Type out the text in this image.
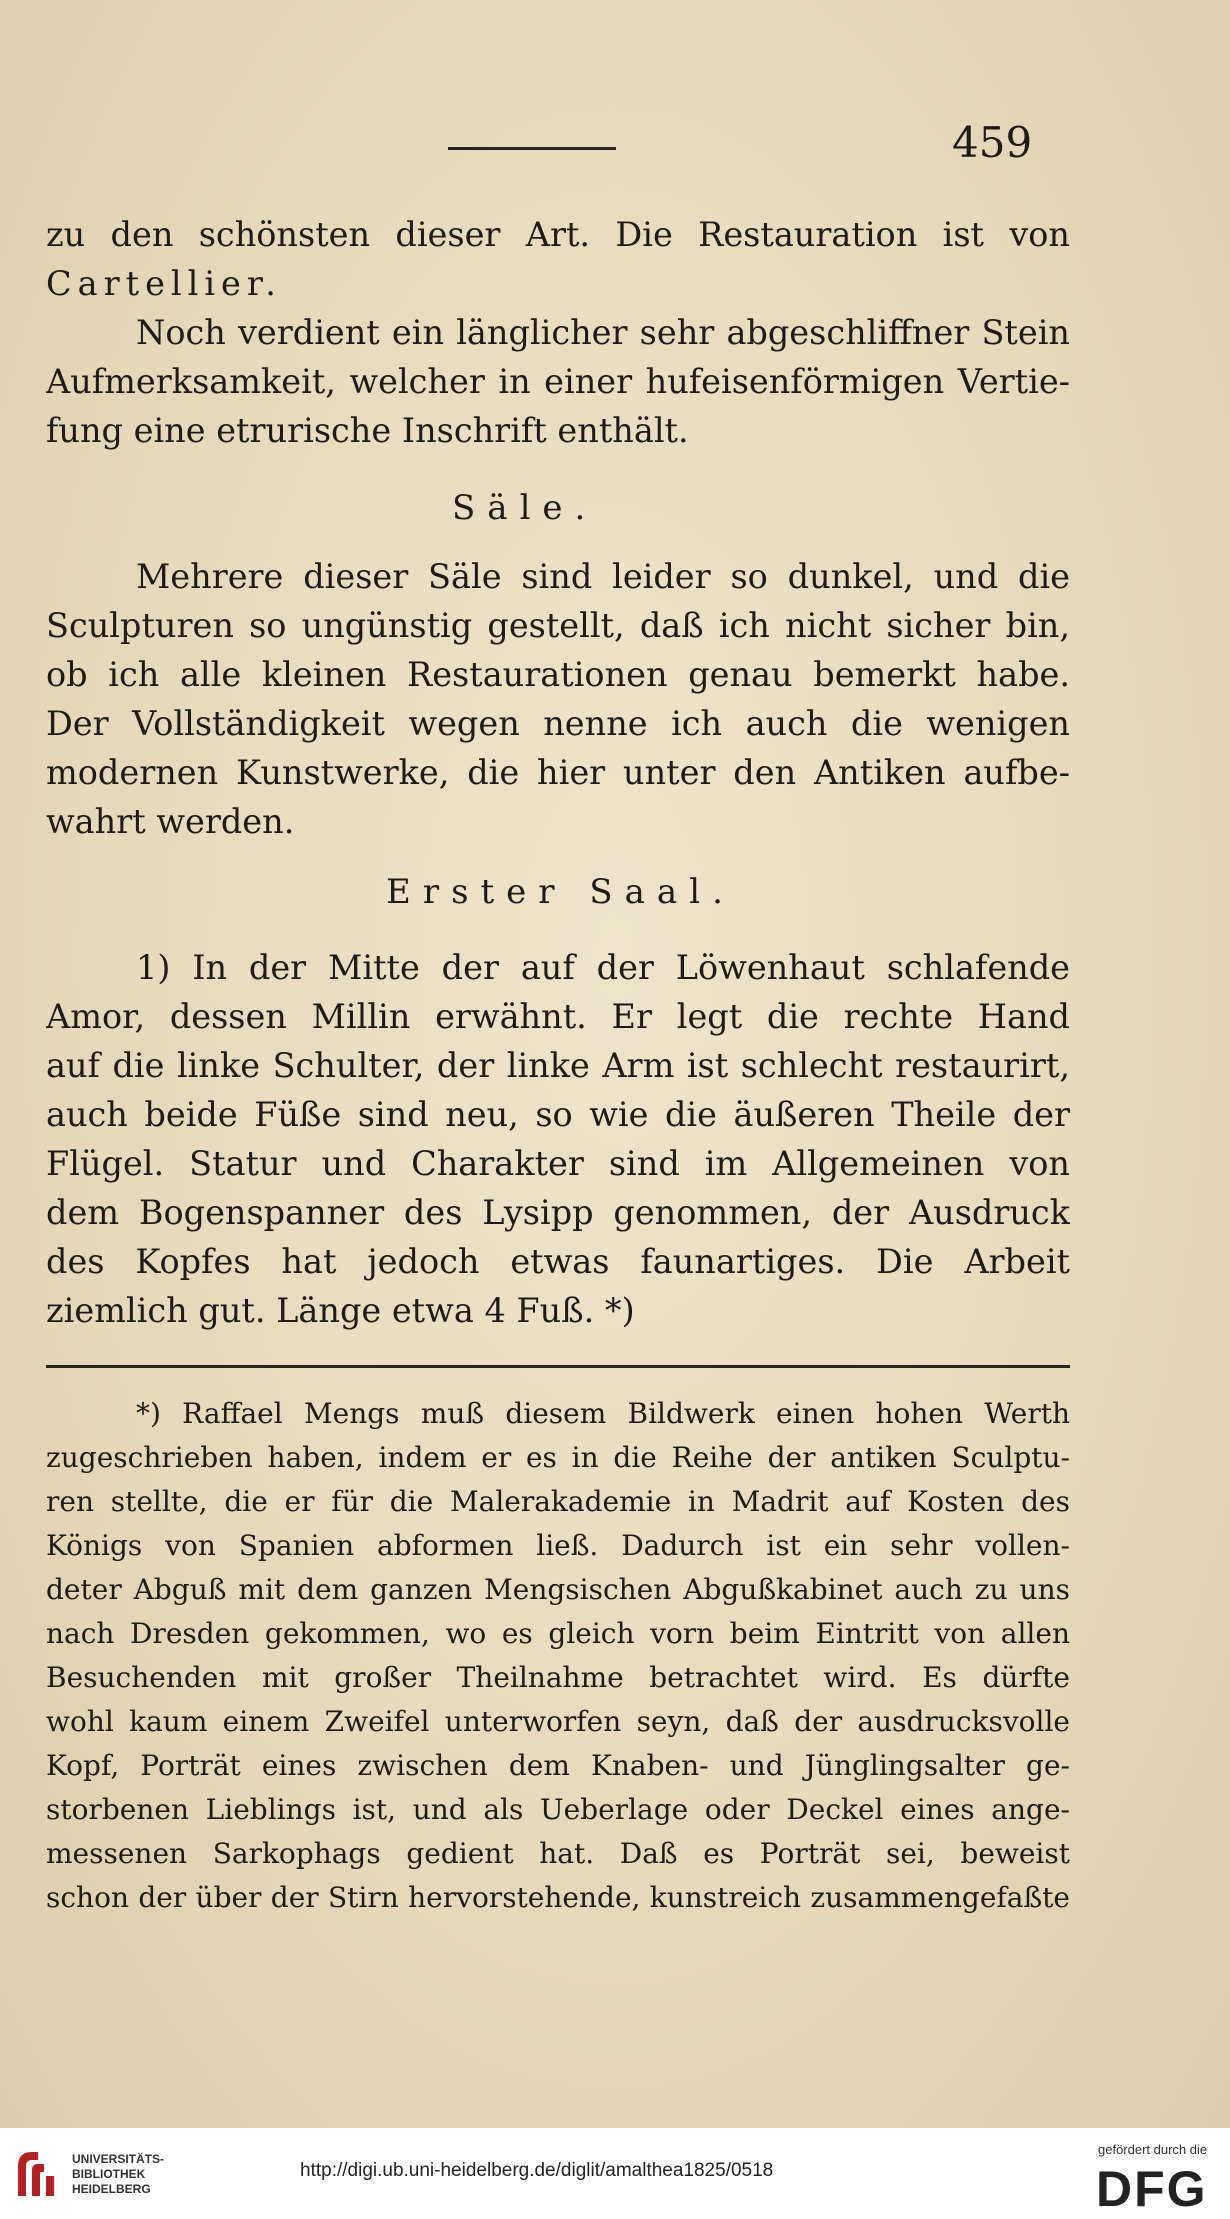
459
zu den schönsten dieser Art. Die Restauration ist von
Cartellier.
Noch verdient ein länglicher sehr abgeschliffner Stein
Aufmerksamkeit, welcher in einer hufeisenförmigen Vertie-
fung eine etrurische Inschrift enthält.
Mehrere dieser Säle sind leider so dunkel, und die
Sculpturen so ungünstig gestellt, daß ich nicht sicher bin,
ob ich alle kleinen Restaurationen genau bemerkt habe.
Der Vollständigkeit wegen nenne ich auch die wenigen
modernen Kunstwerke, die hier unter den Antiken aufbe-
wahrt werden.
1) In der Mitte der auf der Löwenhaut schlafende
Amor, dessen Millin erwähnt. Er legt die rechte Hand
auf die linke Schulter, der linke Arm ist schlecht restaurirt,
auch beide Füße sind neu, so wie die äußeren Theile der
Flügel. Statur und Charakter sind im Allgemeinen von
dem Bogenspanner des Lysipp genommen, der Ausdruck
des Kopfes hat jedoch etwas faunartiges. Die Arbeit
ziemlich gut. Länge etwa 4 Fuß. *)
Säle.
Erster Saal.
*) Raffael Mengs muß diesem Bildwerk einen hohen Werth
zugeschrieben haben, indem er es in die Reihe der antiken Sculptu-
ren stellte, die er für die Malerakademie in Madrit auf Kosten des
Königs von Spanien abformen ließ. Dadurch ist ein sehr vollen-
deter Abguß mit dem ganzen Mengsischen Abgußkabinet auch zu uns
nach Dresden gekommen, wo es gleich vorn beim Eintritt von allen
Besuchenden mit großer Theilnahme betrachtet wird. Es dürfte
wohl kaum einem Zweifel unterworfen seyn, daß der ausdrucksvolle
Kopf, Porträt eines zwischen dem Knaben- und Jünglingsalter ge-
storbenen Lieblings ist, und als Ueberlage oder Deckel eines ange-
messenen Sarkophags gedient hat. Daß es Porträt sei, beweist
schon der über der Stirn hervorstehende, kunstreich zusammengefaßte
UNIVERSITÄTS-
BIBLIOTHEK
HEIDELBERG
http://digi.ub.uni-heidelberg.de/diglit/amalthea1825/0518
gefördert durch die
DFG
